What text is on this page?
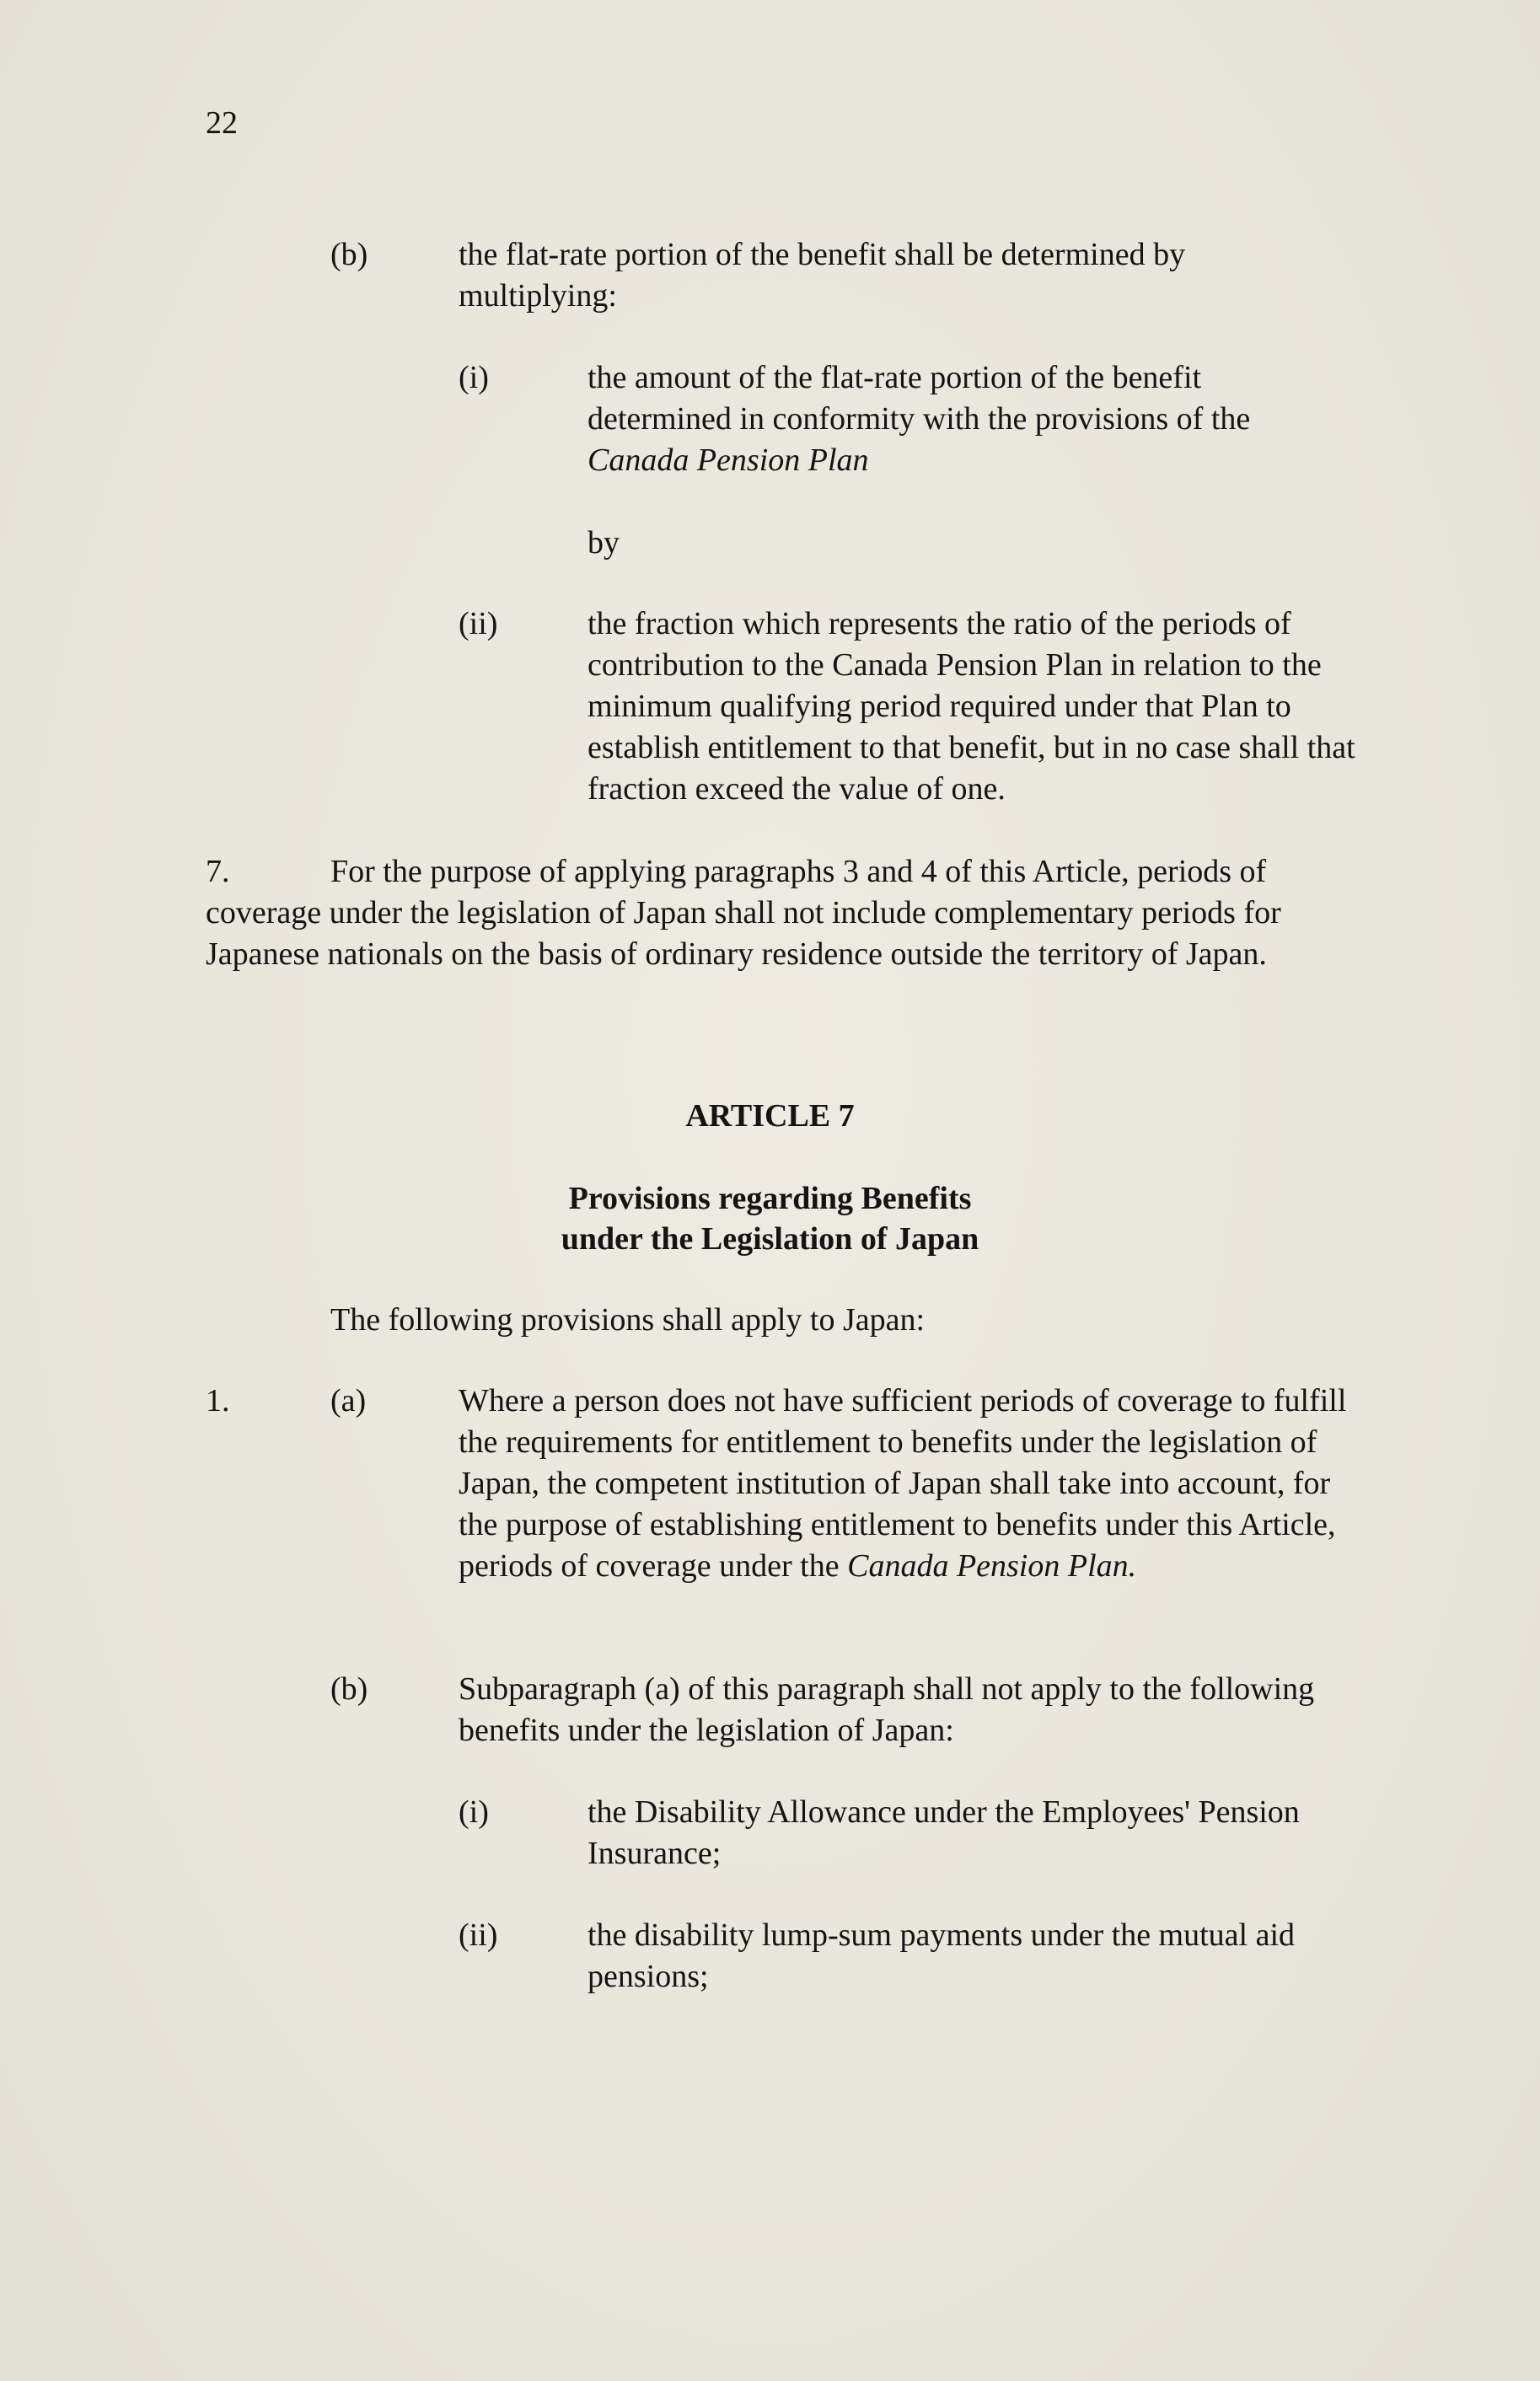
22
(b)	the flat-rate portion of the benefit shall be determined by multiplying:
(i)	the amount of the flat-rate portion of the benefit determined in conformity with the provisions of the Canada Pension Plan
by
(ii)	the fraction which represents the ratio of the periods of contribution to the Canada Pension Plan in relation to the minimum qualifying period required under that Plan to establish entitlement to that benefit, but in no case shall that fraction exceed the value of one.
7.	For the purpose of applying paragraphs 3 and 4 of this Article, periods of coverage under the legislation of Japan shall not include complementary periods for Japanese nationals on the basis of ordinary residence outside the territory of Japan.
ARTICLE 7
Provisions regarding Benefits
under the Legislation of Japan
The following provisions shall apply to Japan:
1.	(a)	Where a person does not have sufficient periods of coverage to fulfill the requirements for entitlement to benefits under the legislation of Japan, the competent institution of Japan shall take into account, for the purpose of establishing entitlement to benefits under this Article, periods of coverage under the Canada Pension Plan.
(b)	Subparagraph (a) of this paragraph shall not apply to the following benefits under the legislation of Japan:
(i)	the Disability Allowance under the Employees' Pension Insurance;
(ii)	the disability lump-sum payments under the mutual aid pensions;
